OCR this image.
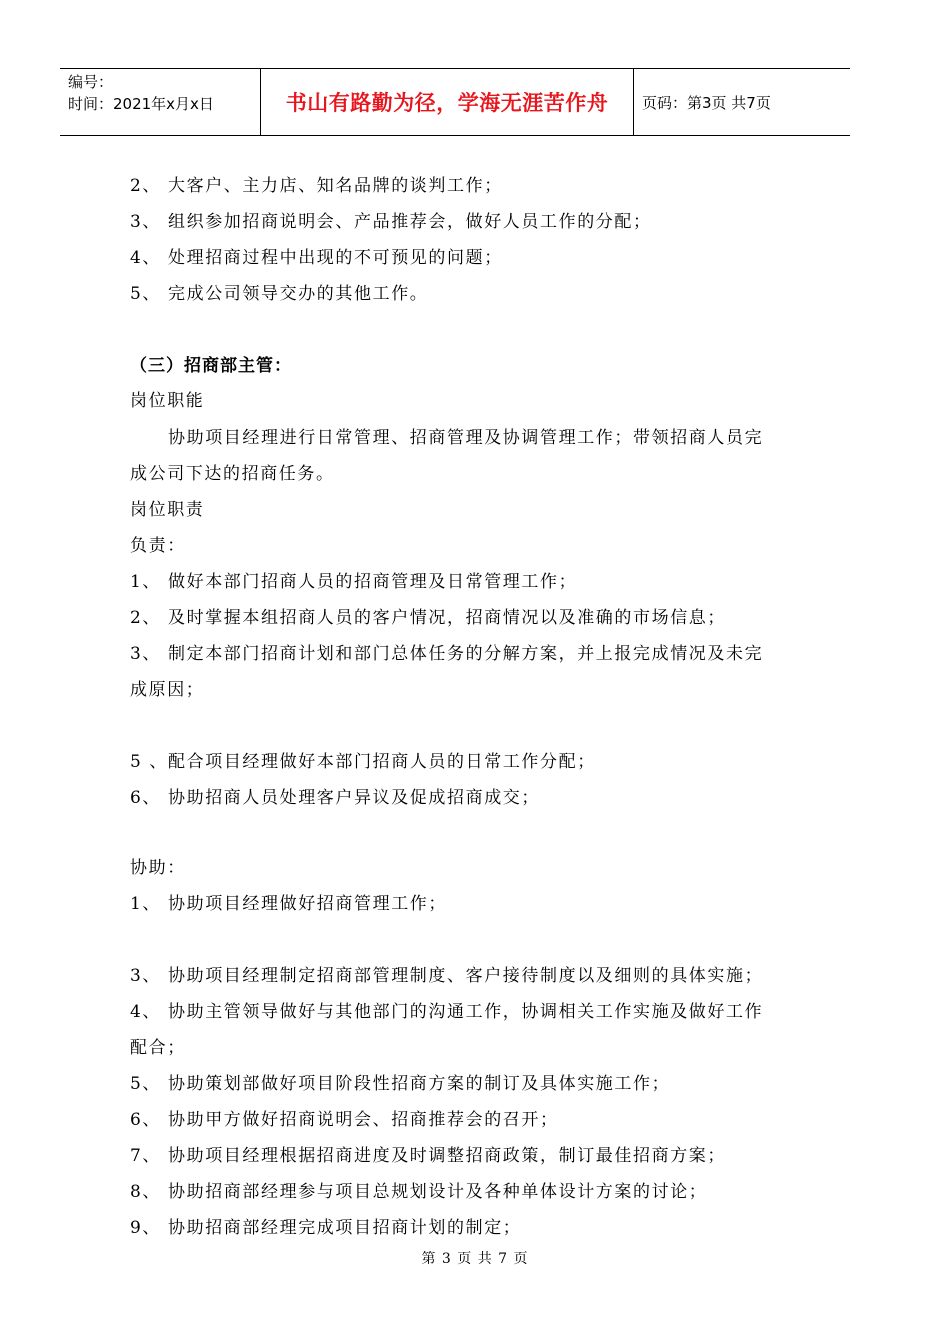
编号：
时间：2021年x月x日	书山有路勤为径，学海无涯苦作舟 页码：第3页 共7页
2、 大客户、主力店、知名品牌的谈判工作；
3、 组织参加招商说明会、产品推荐会，做好人员工作的分配；
4、 处理招商过程中出现的不可预见的问题；
5、 完成公司领导交办的其他工作。
（三）招商部主管：
岗位职能
协助项目经理进行日常管理、招商管理及协调管理工作；带领招商人员完
成公司下达的招商任务。
岗位职责
负责：
1、 做好本部门招商人员的招商管理及日常管理工作；
2、 及时掌握本组招商人员的客户情况，招商情况以及准确的市场信息；
3、 制定本部门招商计划和部门总体任务的分解方案，并上报完成情况及未完
成原因；
5 、配合项目经理做好本部门招商人员的日常工作分配；
6、 协助招商人员处理客户异议及促成招商成交；
协助：
1、 协助项目经理做好招商管理工作；
3、 协助项目经理制定招商部管理制度、客户接待制度以及细则的具体实施；
4、 协助主管领导做好与其他部门的沟通工作，协调相关工作实施及做好工作
配合；
5、 协助策划部做好项目阶段性招商方案的制订及具体实施工作；
6、 协助甲方做好招商说明会、招商推荐会的召开；
7、 协助项目经理根据招商进度及时调整招商政策，制订最佳招商方案；
8、 协助招商部经理参与项目总规划设计及各种单体设计方案的讨论；
9、 协助招商部经理完成项目招商计划的制定；
第 3 页 共 7 页
